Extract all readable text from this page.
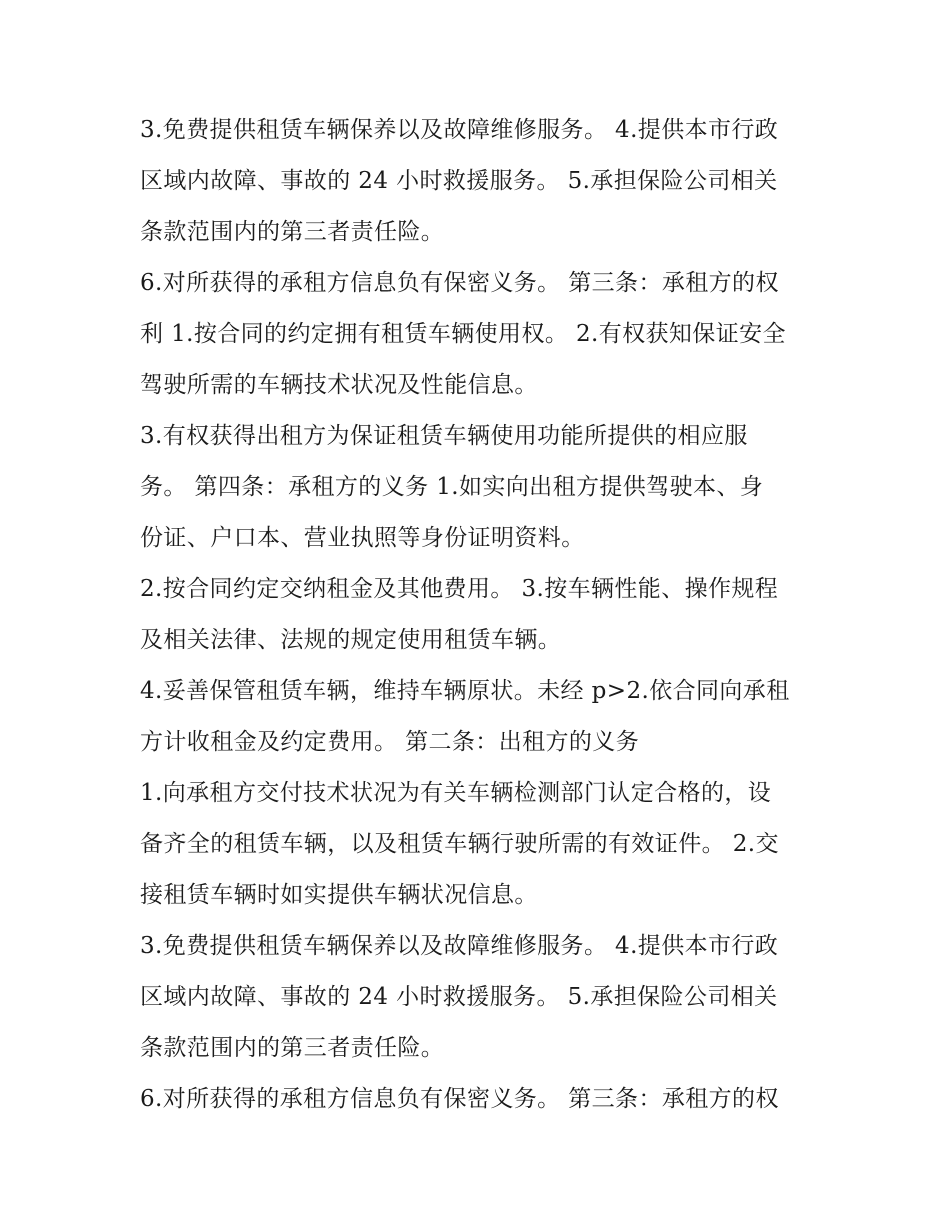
3.免费提供租赁车辆保养以及故障维修服务。 4.提供本市行政
区域内故障、事故的 24 小时救援服务。 5.承担保险公司相关
条款范围内的第三者责任险。
6.对所获得的承租方信息负有保密义务。 第三条：承租方的权
利 1.按合同的约定拥有租赁车辆使用权。 2.有权获知保证安全
驾驶所需的车辆技术状况及性能信息。
3.有权获得出租方为保证租赁车辆使用功能所提供的相应服
务。 第四条：承租方的义务 1.如实向出租方提供驾驶本、身
份证、户口本、营业执照等身份证明资料。
2.按合同约定交纳租金及其他费用。 3.按车辆性能、操作规程
及相关法律、法规的规定使用租赁车辆。
4.妥善保管租赁车辆，维持车辆原状。未经 p>2.依合同向承租
方计收租金及约定费用。 第二条：出租方的义务
1.向承租方交付技术状况为有关车辆检测部门认定合格的，设
备齐全的租赁车辆，以及租赁车辆行驶所需的有效证件。 2.交
接租赁车辆时如实提供车辆状况信息。
3.免费提供租赁车辆保养以及故障维修服务。 4.提供本市行政
区域内故障、事故的 24 小时救援服务。 5.承担保险公司相关
条款范围内的第三者责任险。
6.对所获得的承租方信息负有保密义务。 第三条：承租方的权
